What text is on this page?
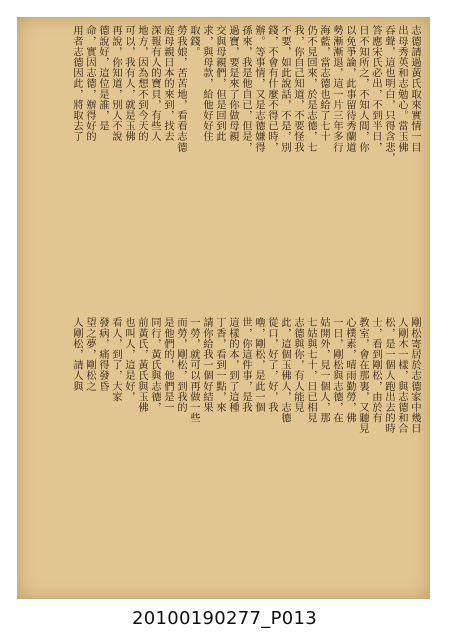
志德請過黃氏取來實情一目
出母秀英和志勉心。當玉佛
吞聲，這也明白，只得含悲，
答應宋氏必出，不到半日，
日不知所之，不知人間，你
以免爭論，此事留待秀蘭道
勢漸漸退，這一片三年多行
海藍，當志德也給了七十
仍不見回來，於是志德，七
我，你自己知道，不要怪我
不要，如此說話，不是，別
錢，不會有什麼不得已時，
辦。等事情，又是志德嫌得
孫來，我是他自已，但是，
過寶，要是來了你做母親
交與母親們，但是回到此
求，與母款，給他好好住
取錢。
勞我娘，苦苦地，看看志德
庭母親日本的來到，找去
深報有人的寶貝，有些人
地方，因為想不到今天的
可以，我有人，就是玉佛
再說，你知道，別人不說
德說好，這位是誰，是
命，實因志德，辦得好的
用者志德因此，將取去了
剛松寄居於志德家中幾日
人剛木一樣，與志德和合
松，是一個人跑出去的時
士，看到剛松，由於有
教室，會在那裏，又聽見
心樸素，晴雨勤勞，佛
一日，剛松與志德，在
姑開外，見一個人，那
七姑與七十，日已相見
志德與你，有人能見
此，這個玉佛人，志德
從口，好了，好，我
嚕，剛松，是此一個
世，你這件事，是我
這樣的本，到了這種
丁香，看到一點，來
請你給我一個好結果
一勞，就可以再做一些
而勞，剛松，到我的
是他們的，他們是一
同行，黃氏與志德，
前黃氏，黃氏與玉佛
也叫人，這是好，
看人，到了，大家
發病，痛得發昏
望之夢，剛松之
人剛松，請人與
20100190277_P013
